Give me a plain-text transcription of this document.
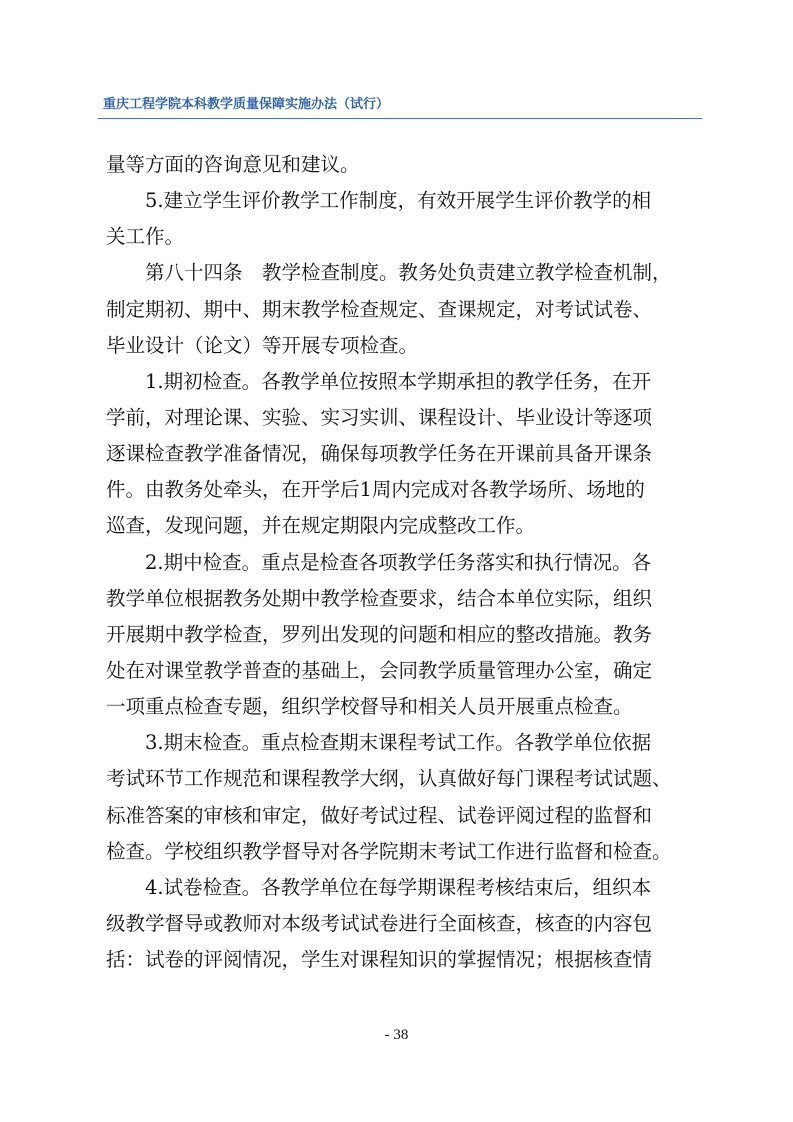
重庆工程学院本科教学质量保障实施办法（试行）
量等方面的咨询意见和建议。
5.建立学生评价教学工作制度，有效开展学生评价教学的相
关工作。
第八十四条　教学检查制度。教务处负责建立教学检查机制，
制定期初、期中、期末教学检查规定、查课规定，对考试试卷、
毕业设计（论文）等开展专项检查。
1.期初检查。各教学单位按照本学期承担的教学任务，在开
学前，对理论课、实验、实习实训、课程设计、毕业设计等逐项
逐课检查教学准备情况，确保每项教学任务在开课前具备开课条
件。由教务处牵头，在开学后1周内完成对各教学场所、场地的
巡查，发现问题，并在规定期限内完成整改工作。
2.期中检查。重点是检查各项教学任务落实和执行情况。各
教学单位根据教务处期中教学检查要求，结合本单位实际，组织
开展期中教学检查，罗列出发现的问题和相应的整改措施。教务
处在对课堂教学普查的基础上，会同教学质量管理办公室，确定
一项重点检查专题，组织学校督导和相关人员开展重点检查。
3.期末检查。重点检查期末课程考试工作。各教学单位依据
考试环节工作规范和课程教学大纲，认真做好每门课程考试试题、
标准答案的审核和审定，做好考试过程、试卷评阅过程的监督和
检查。学校组织教学督导对各学院期末考试工作进行监督和检查。
4.试卷检查。各教学单位在每学期课程考核结束后，组织本
级教学督导或教师对本级考试试卷进行全面核查，核查的内容包
括：试卷的评阅情况，学生对课程知识的掌握情况；根据核查情
- 38
